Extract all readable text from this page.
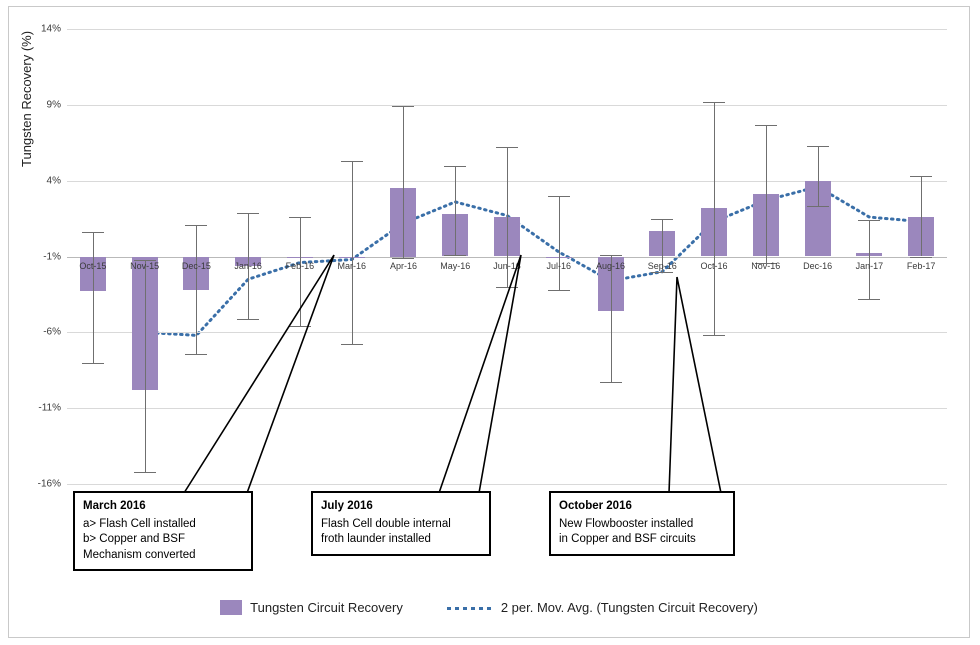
Tungsten Recovery (%)
14%
9%
4%
-1%
-6%
-11%
-16%
Oct-15	Nov-15	Dec-15	Jan-16	Feb-16	Mar-16	Apr-16	May-16	Jun-16	Jul-16	Aug-16	Sep-16	Oct-16	Nov-16	Dec-16	Jan-17	Feb-17
March 2016
a> Flash Cell installed
b> Copper and BSF
Mechanism converted
July 2016
Flash Cell double internal
froth launder installed
October 2016
New Flowbooster installed
in Copper and BSF circuits
Tungsten Circuit Recovery	2 per. Mov. Avg. (Tungsten Circuit Recovery)
